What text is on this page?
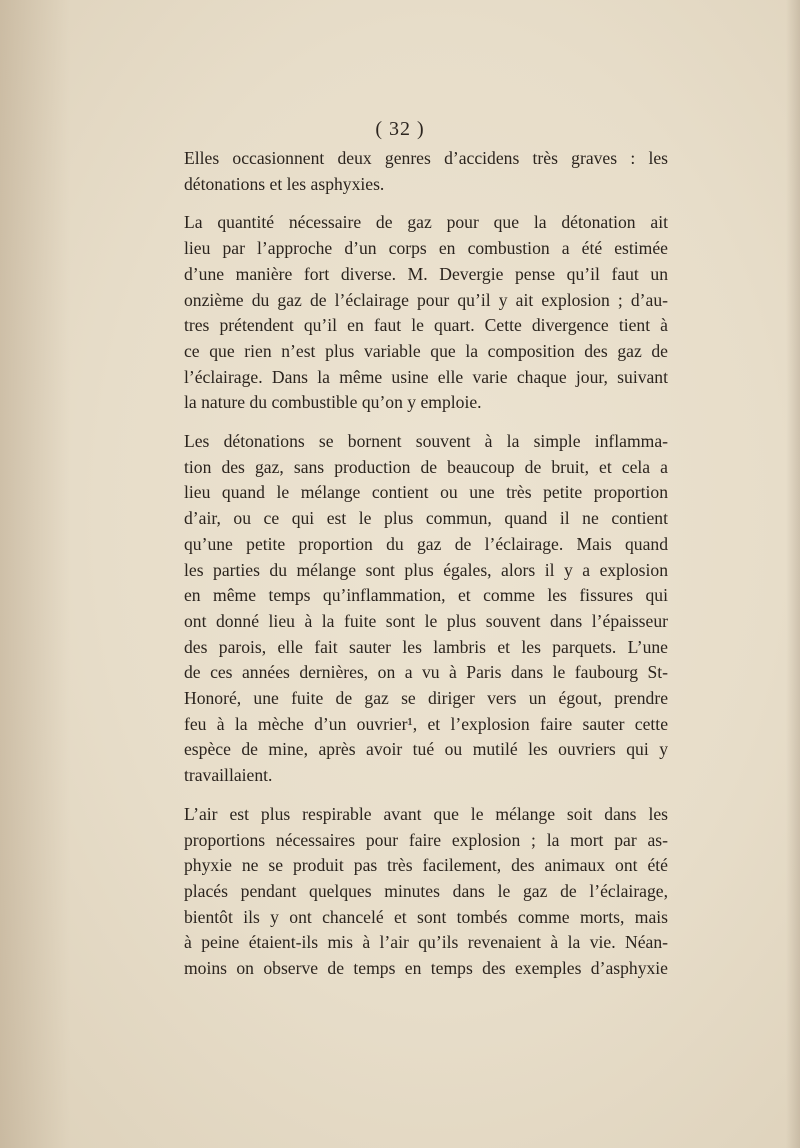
( 32 )
Elles occasionnent deux genres d’accidens très graves : les
détonations et les asphyxies.
La quantité nécessaire de gaz pour que la détonation ait
lieu par l’approche d’un corps en combustion a été estimée
d’une manière fort diverse. M. Devergie pense qu’il faut un
onzième du gaz de l’éclairage pour qu’il y ait explosion ; d’au-
tres prétendent qu’il en faut le quart. Cette divergence tient à
ce que rien n’est plus variable que la composition des gaz de
l’éclairage. Dans la même usine elle varie chaque jour, suivant
la nature du combustible qu’on y emploie.
Les détonations se bornent souvent à la simple inflamma-
tion des gaz, sans production de beaucoup de bruit, et cela a
lieu quand le mélange contient ou une très petite proportion
d’air, ou ce qui est le plus commun, quand il ne contient
qu’une petite proportion du gaz de l’éclairage. Mais quand
les parties du mélange sont plus égales, alors il y a explosion
en même temps qu’inflammation, et comme les fissures qui
ont donné lieu à la fuite sont le plus souvent dans l’épaisseur
des parois, elle fait sauter les lambris et les parquets. L’une
de ces années dernières, on a vu à Paris dans le faubourg St-
Honoré, une fuite de gaz se diriger vers un égout, prendre
feu à la mèche d’un ouvrier¹, et l’explosion faire sauter cette
espèce de mine, après avoir tué ou mutilé les ouvriers qui y
travaillaient.
L’air est plus respirable avant que le mélange soit dans les
proportions nécessaires pour faire explosion ; la mort par as-
phyxie ne se produit pas très facilement, des animaux ont été
placés pendant quelques minutes dans le gaz de l’éclairage,
bientôt ils y ont chancelé et sont tombés comme morts, mais
à peine étaient-ils mis à l’air qu’ils revenaient à la vie. Néan-
moins on observe de temps en temps des exemples d’asphyxie
